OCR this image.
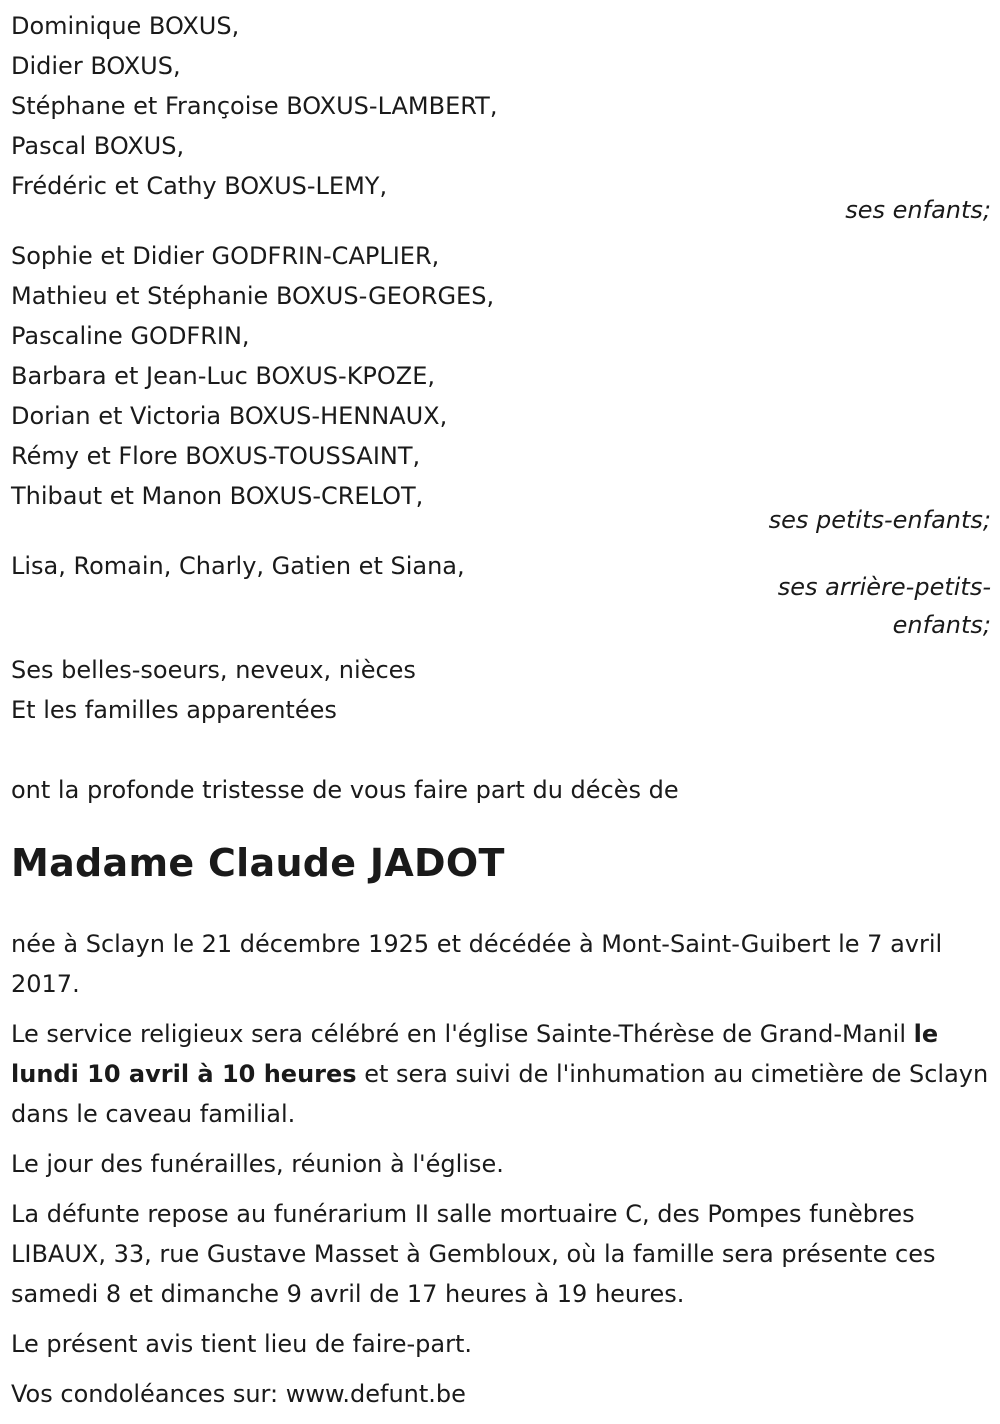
Dominique BOXUS,
Didier BOXUS,
Stéphane et Françoise BOXUS-LAMBERT,
Pascal BOXUS,
Frédéric et Cathy BOXUS-LEMY,
ses enfants;
Sophie et Didier GODFRIN-CAPLIER,
Mathieu et Stéphanie BOXUS-GEORGES,
Pascaline GODFRIN,
Barbara et Jean-Luc BOXUS-KPOZE,
Dorian et Victoria BOXUS-HENNAUX,
Rémy et Flore BOXUS-TOUSSAINT,
Thibaut et Manon BOXUS-CRELOT,
ses petits-enfants;
Lisa, Romain, Charly, Gatien et Siana,
ses arrière-petits-enfants;
Ses belles-soeurs, neveux, nièces
Et les familles apparentées
ont la profonde tristesse de vous faire part du décès de
Madame Claude JADOT
née à Sclayn le 21 décembre 1925 et décédée à Mont-Saint-Guibert le 7 avril 2017.
Le service religieux sera célébré en l'église Sainte-Thérèse de Grand-Manil le lundi 10 avril à 10 heures et sera suivi de l'inhumation au cimetière de Sclayn dans le caveau familial.
Le jour des funérailles, réunion à l'église.
La défunte repose au funérarium II salle mortuaire C, des Pompes funèbres LIBAUX, 33, rue Gustave Masset à Gembloux, où la famille sera présente ces samedi 8 et dimanche 9 avril de 17 heures à 19 heures.
Le présent avis tient lieu de faire-part.
Vos condoléances sur: www.defunt.be
